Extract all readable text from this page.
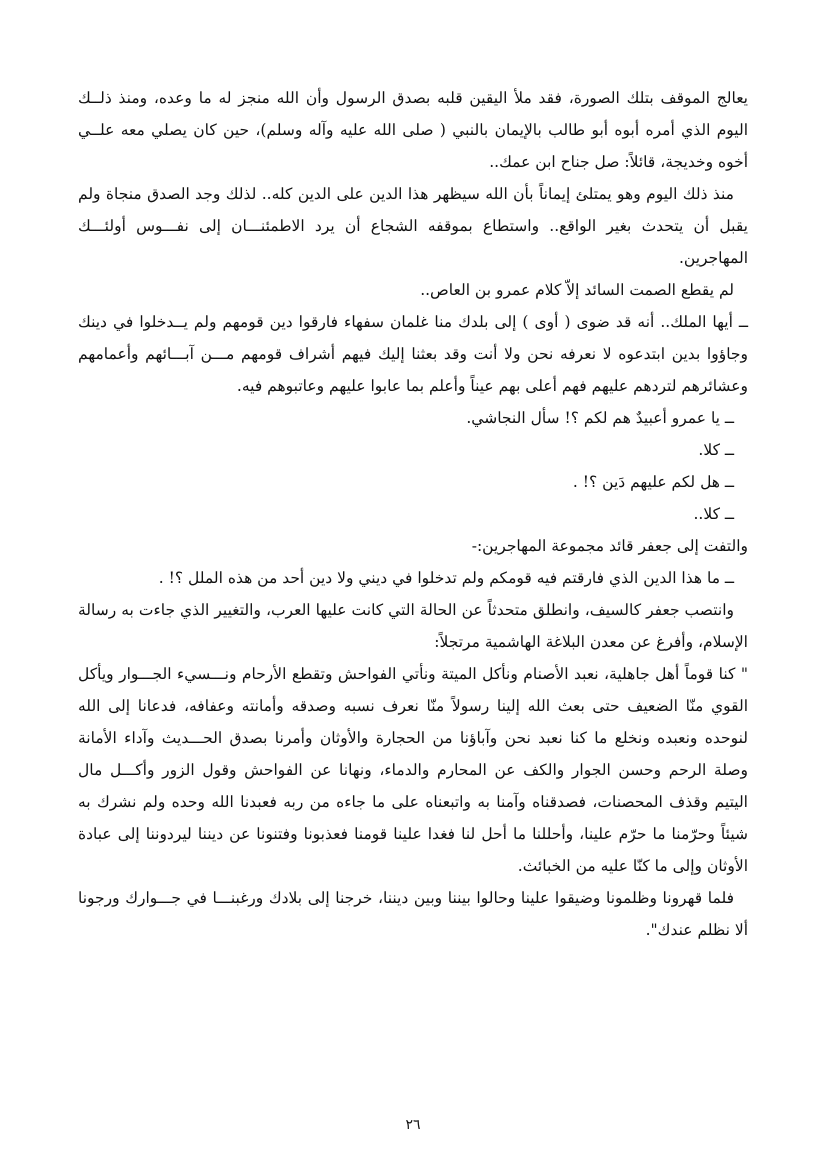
يعالج الموقف بتلك الصورة، فقد ملأ اليقين قلبه بصدق الرسول وأن الله منجز له ما وعده، ومنذ ذلــك اليوم الذي أمره أبوه أبو طالب بالإيمان بالنبي ( صلى الله عليه وآله وسلم)، حين كان يصلي معه علــي أخوه وخديجة، قائلاً: صل جناح ابن عمك..

منذ ذلك اليوم وهو يمتلئ إيماناً بأن الله سيظهر هذا الدين على الدين كله.. لذلك وجد الصدق منجاة ولم يقبل أن يتحدث بغير الواقع.. واستطاع بموقفه الشجاع أن يرد الاطمئنـــان إلى نفـــوس أولئـــك المهاجرين.

لم يقطع الصمت السائد إلاّ كلام عمرو بن العاص..

ــ أيها الملك.. أنه قد ضوى ( أوى ) إلى بلدك منا غلمان سفهاء فارقوا دين قومهم ولم يــدخلوا في دينك وجاؤوا بدين ابتدعوه لا نعرفه نحن ولا أنت وقد بعثنا إليك فيهم أشراف قومهم مـــن آبـــائهم وأعمامهم وعشائرهم لتردهم عليهم فهم أعلى بهم عيناً وأعلم بما عابوا عليهم وعاتبوهم فيه.

ــ يا عمرو أعبيدٌ هم لكم ؟! سأل النجاشي.

ــ كلا.

ــ هل لكم عليهم دَين ؟! .

ــ كلا..

والتفت إلى جعفر قائد مجموعة المهاجرين:-

ــ ما هذا الدين الذي فارقتم فيه قومكم ولم تدخلوا في ديني ولا دين أحد من هذه الملل ؟! .

وانتصب جعفر كالسيف، وانطلق متحدثاً عن الحالة التي كانت عليها العرب، والتغيير الذي جاءت به رسالة الإسلام، وأفرغ عن معدن البلاغة الهاشمية مرتجلاً:

" كنا قوماً أهل جاهلية، نعبد الأصنام ونأكل الميتة ونأتي الفواحش وتقطع الأرحام ونـــسيء الجـــوار ويأكل القوي منّا الضعيف حتى بعث الله إلينا رسولاً منّا نعرف نسبه وصدقه وأمانته وعفافه، فدعانا إلى الله لنوحده ونعبده ونخلع ما كنا نعبد نحن وآباؤنا من الحجارة والأوثان وأمرنا بصدق الحـــديث وآداء الأمانة وصلة الرحم وحسن الجوار والكف عن المحارم والدماء، ونهانا عن الفواحش وقول الزور وأكـــل مال اليتيم وقذف المحصنات، فصدقناه وآمنا به واتبعناه على ما جاءه من ربه فعبدنا الله وحده ولم نشرك به شيئاً وحرّمنا ما حرّم علينا، وأحللنا ما أحل لنا فغدا علينا قومنا فعذبونا وفتنونا عن ديننا ليردوننا إلى عبادة الأوثان وإلى ما كنّا عليه من الخبائث.

فلما قهرونا وظلمونا وضيقوا علينا وحالوا بيننا وبين ديننا، خرجنا إلى بلادك ورغبنـــا في جـــوارك ورجونا ألا نظلم عندك".

٢٦
